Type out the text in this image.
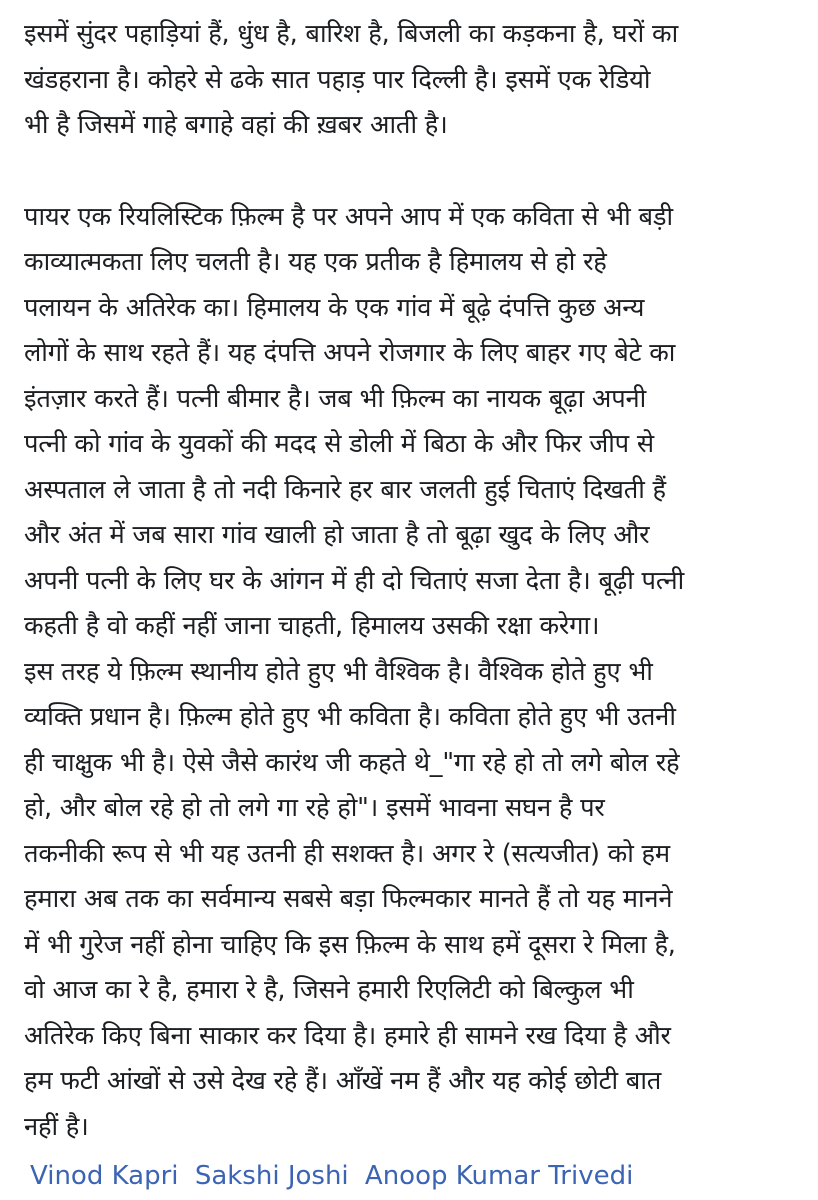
इसमें सुंदर पहाड़ियां हैं, धुंध है, बारिश है, बिजली का कड़कना है, घरों का
खंडहराना है। कोहरे से ढके सात पहाड़ पार दिल्ली है। इसमें एक रेडियो
भी है जिसमें गाहे बगाहे वहां की ख़बर आती है।

पायर एक रियलिस्टिक फ़िल्म है पर अपने आप में एक कविता से भी बड़ी
काव्यात्मकता लिए चलती है। यह एक प्रतीक है हिमालय से हो रहे
पलायन के अतिरेक का। हिमालय के एक गांव में बूढ़े दंपत्ति कुछ अन्य
लोगों के साथ रहते हैं। यह दंपत्ति अपने रोजगार के लिए बाहर गए बेटे का
इंतज़ार करते हैं। पत्नी बीमार है। जब भी फ़िल्म का नायक बूढ़ा अपनी
पत्नी को गांव के युवकों की मदद से डोली में बिठा के और फिर जीप से
अस्पताल ले जाता है तो नदी किनारे हर बार जलती हुई चिताएं दिखती हैं
और अंत में जब सारा गांव खाली हो जाता है तो बूढ़ा खुद के लिए और
अपनी पत्नी के लिए घर के आंगन में ही दो चिताएं सजा देता है। बूढ़ी पत्नी
कहती है वो कहीं नहीं जाना चाहती, हिमालय उसकी रक्षा करेगा।
इस तरह ये फ़िल्म स्थानीय होते हुए भी वैश्विक है। वैश्विक होते हुए भी
व्यक्ति प्रधान है। फ़िल्म होते हुए भी कविता है। कविता होते हुए भी उतनी
ही चाक्षुक भी है। ऐसे जैसे कारंथ जी कहते थे_"गा रहे हो तो लगे बोल रहे
हो, और बोल रहे हो तो लगे गा रहे हो"। इसमें भावना सघन है पर
तकनीकी रूप से भी यह उतनी ही सशक्त है। अगर रे (सत्यजीत) को हम
हमारा अब तक का सर्वमान्य सबसे बड़ा फिल्मकार मानते हैं तो यह मानने
में भी गुरेज नहीं होना चाहिए कि इस फ़िल्म के साथ हमें दूसरा रे मिला है,
वो आज का रे है, हमारा रे है, जिसने हमारी रिएलिटी को बिल्कुल भी
अतिरेक किए बिना साकार कर दिया है। हमारे ही सामने रख दिया है और
हम फटी आंखों से उसे देख रहे हैं। आँखें नम हैं और यह कोई छोटी बात
नहीं है।

Vinod Kapri Sakshi Joshi Anoop Kumar Trivedi
